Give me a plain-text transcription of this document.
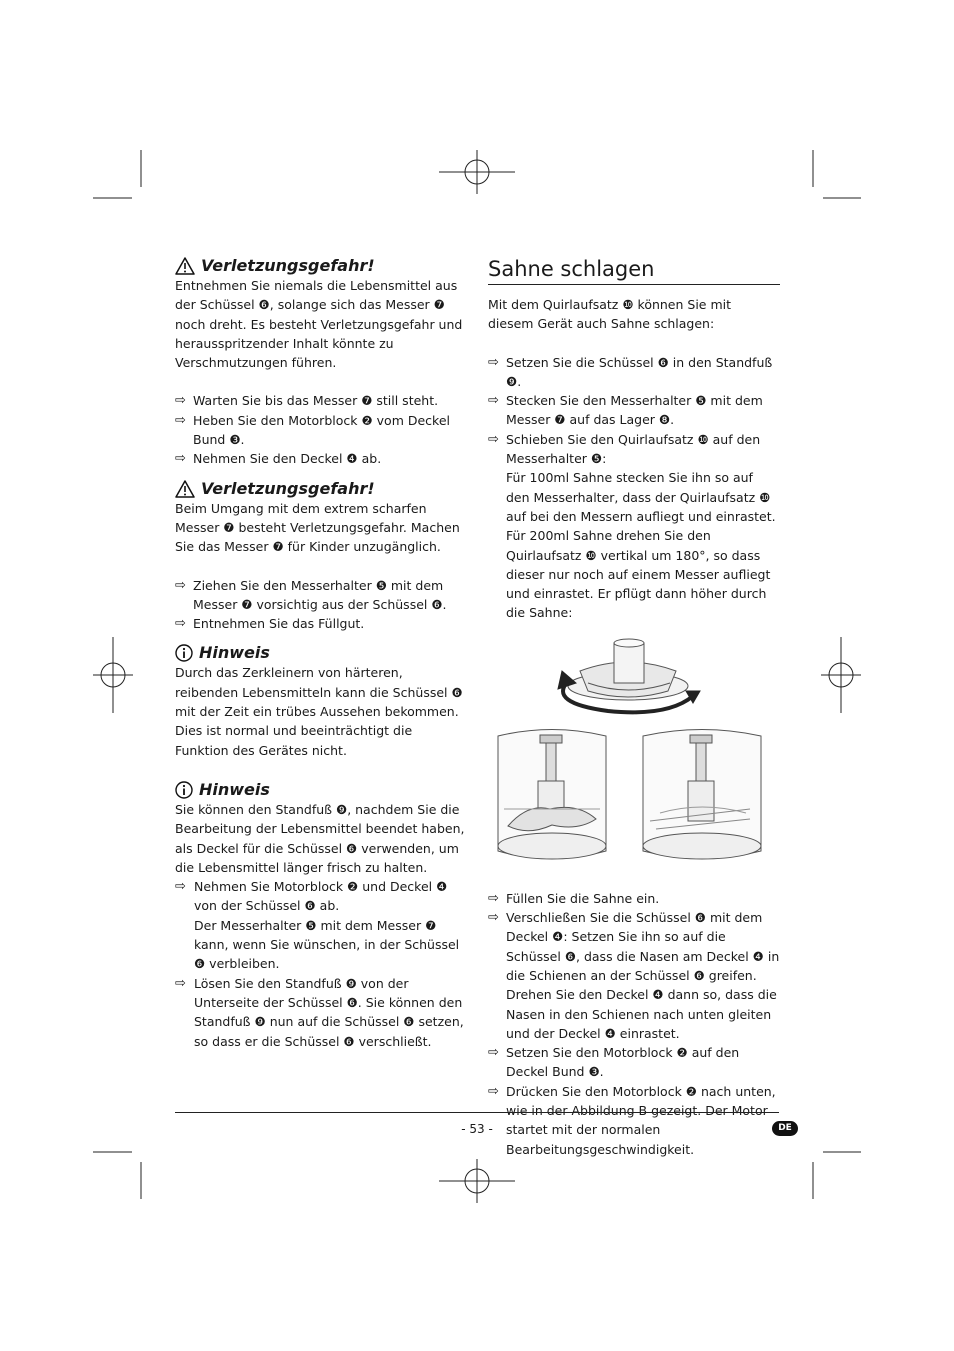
Verletzungsgefahr!

Entnehmen Sie niemals die Lebensmittel aus der Schüssel ❻, solange sich das Messer ❼ noch dreht. Es besteht Verletzungsgefahr und herausspritzender Inhalt könnte zu Verschmutzungen führen.

⇨ Warten Sie bis das Messer ❼ still steht.
⇨ Heben Sie den Motorblock ❷ vom Deckel Bund ❸.
⇨ Nehmen Sie den Deckel ❹ ab.
Verletzungsgefahr!

Beim Umgang mit dem extrem scharfen Messer ❼ besteht Verletzungsgefahr. Machen Sie das Messer ❼ für Kinder unzugänglich.

⇨ Ziehen Sie den Messerhalter ❺ mit dem Messer ❼ vorsichtig aus der Schüssel ❻.
⇨ Entnehmen Sie das Füllgut.
Hinweis

Durch das Zerkleinern von härteren, reibenden Lebensmitteln kann die Schüssel ❻ mit der Zeit ein trübes Aussehen bekommen. Dies ist normal und beeinträchtigt die Funktion des Gerätes nicht.

Hinweis

Sie können den Standfuß ❾, nachdem Sie die Bearbeitung der Lebensmittel beendet haben, als Deckel für die Schüssel ❻ verwenden, um die Lebensmittel länger frisch zu halten.

⇨ Nehmen Sie Motorblock ❷ und Deckel ❹ von der Schüssel ❻ ab.
Der Messerhalter ❺ mit dem Messer ❼ kann, wenn Sie wünschen, in der Schüssel ❻ verbleiben.
⇨ Lösen Sie den Standfuß ❾ von der Unterseite der Schüssel ❻. Sie können den Standfuß ❾ nun auf die Schüssel ❻ setzen, so dass er die Schüssel ❻ verschließt.
Sahne schlagen

Mit dem Quirlaufsatz ❿ können Sie mit diesem Gerät auch Sahne schlagen:

⇨ Setzen Sie die Schüssel ❻ in den Standfuß ❾.
⇨ Stecken Sie den Messerhalter ❺ mit dem Messer ❼ auf das Lager ❽.
⇨ Schieben Sie den Quirlaufsatz ❿ auf den Messerhalter ❺:
Für 100ml Sahne stecken Sie ihn so auf den Messerhalter, dass der Quirlaufsatz ❿ auf bei den Messern aufliegt und einrastet.
Für 200ml Sahne drehen Sie den Quirlaufsatz ❿ vertikal um 180°, so dass dieser nur noch auf einem Messer aufliegt und einrastet. Er pflügt dann höher durch die Sahne:
⇨ Füllen Sie die Sahne ein.
⇨ Verschließen Sie die Schüssel ❻ mit dem Deckel ❹: Setzen Sie ihn so auf die Schüssel ❻, dass die Nasen am Deckel ❹ in die Schienen an der Schüssel ❻ greifen. Drehen Sie den Deckel ❹ dann so, dass die Nasen in den Schienen nach unten gleiten und der Deckel ❹ einrastet.
⇨ Setzen Sie den Motorblock ❷ auf den Deckel Bund ❸.
⇨ Drücken Sie den Motorblock ❷ nach unten, wie in der Abbildung B gezeigt. Der Motor startet mit der normalen Bearbeitungsgeschwindigkeit.
- 53 -	DE
